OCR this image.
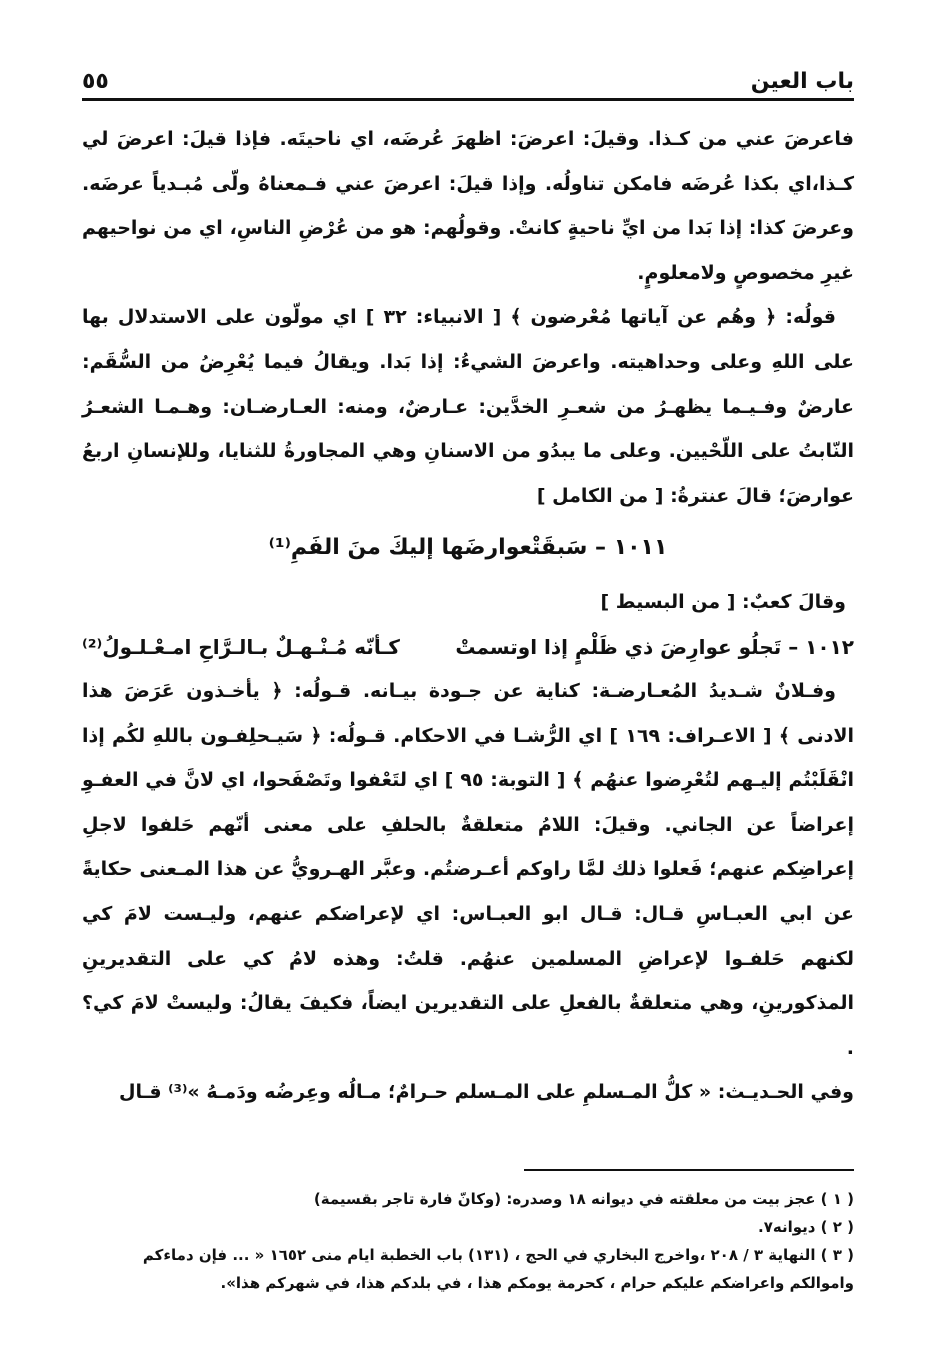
باب العين
٥٥

فاعرضَ عني من كـذا. وقيلَ: اعرضَ: اظهرَ عُرضَه، اي ناحيتَه. فإذا قيلَ: اعرضَ لي كـذا،اي بكذا عُرضَه فامكن تناولُه. وإذا قيلَ: اعرضَ عني فـمعناهُ ولّى مُبـدياً عرضَه. وعرضَ كذا: إذا بَدا من ايِّ ناحيةٍ كانتْ. وقولُهم: هو من عُرْضِ الناسِ، اي من نواحيهم غيرِ مخصوصٍ ولامعلومٍ.

قولُه: ﴿ وهُم عن آياتها مُعْرضون ﴾ [ الانبياء: ٣٢ ] اي مولّون على الاستدلال بها على اللهِ وعلى وحداهيته. واعرضَ الشيءُ: إذا بَدا. ويقالُ فيما يُعْرِضُ من السُّقَم: عارضٌ وفـيـما يظهـرُ من شعـرِ الخدَّين: عـارضٌ، ومنه: العـارضـان: وهـمـا الشعـرُ النّابتُ على اللّحْيين. وعلى ما يبدُو من الاسنانِ وهي المجاورةُ للثنايا، وللإنسانِ اربعُ عوارضَ؛ قالَ عنترةُ: [ من الكامل ]

١٠١١ – سَبقَتْعوارضَها إليكَ منَ الفَمِ⁽¹⁾

وقالَ كعبٌ: [ من البسيط ]

١٠١٢ – تَجلُو عوارِضَ ذي ظَلْمٍ إذا اوتسمتْ
كـأنّه مُـنْـهـلٌ بـالـرَّاحِ امـعْـلـولُ⁽²⁾

وفـلانٌ شـديدُ المُعـارضـة: كناية عن جـودة بيـانه. قـولُه: ﴿ يأخـذون عَرَضَ هذا الادنى ﴾ [ الاعـراف: ١٦٩ ] اي الرُّشـا في الاحكام. قـولُه: ﴿ سَيـحلِفـون باللهِ لكُم إذا انْقَلَبْتُم إليـهم لتُعْرِضوا عنهُم ﴾ [ التوبة: ٩٥ ] اي لتَعْفوا وتَصْفَحوا، اي لانَّ في العفـوِ إعراضاً عن الجاني. وقيلَ: اللامُ متعلقةٌ بالحلفِ على معنى أنّهم حَلفوا لاجلِ إعراضِكم عنهم؛ فَعلوا ذلك لمَّا راوكم أعـرضتُم. وعبَّر الهـرويُّ عن هذا المـعنى حكايةً عن ابي العبـاسِ قـال: قـال ابو العبـاس: اي لإعراضكم عنهم، وليـست لامَ كي لكنهم حَلفـوا لإعراضِ المسلمين عنهُم. قلتُ: وهذه لامُ كي على التقديرينِ المذكورينِ، وهي متعلقةٌ بالفعلِ على التقديرين ايضاً، فكيفَ يقالُ: وليستْ لامَ كي؟ .

وفي الحـديـث: « كلُّ المـسلمِ على المـسلم حـرامٌ؛ مـالُه وعِرضُه ودَمـهُ »⁽³⁾ قـال

( ١ ) عجز بيت من معلقته في ديوانه ١٨ وصدره: (وكانّ فارة تاجر بقسيمة)

( ٢ ) ديوانه٧.

( ٣ ) النهاية ٣ / ٢٠٨ ،واخرج البخاري في الحج ، (١٣١) باب الخطبة ايام منى ١٦٥٢ « ... فإن دماءكم واموالكم واعراضكم عليكم حرام ، كحرمة يومكم هذا ، في بلدكم هذا، في شهركم هذا».
